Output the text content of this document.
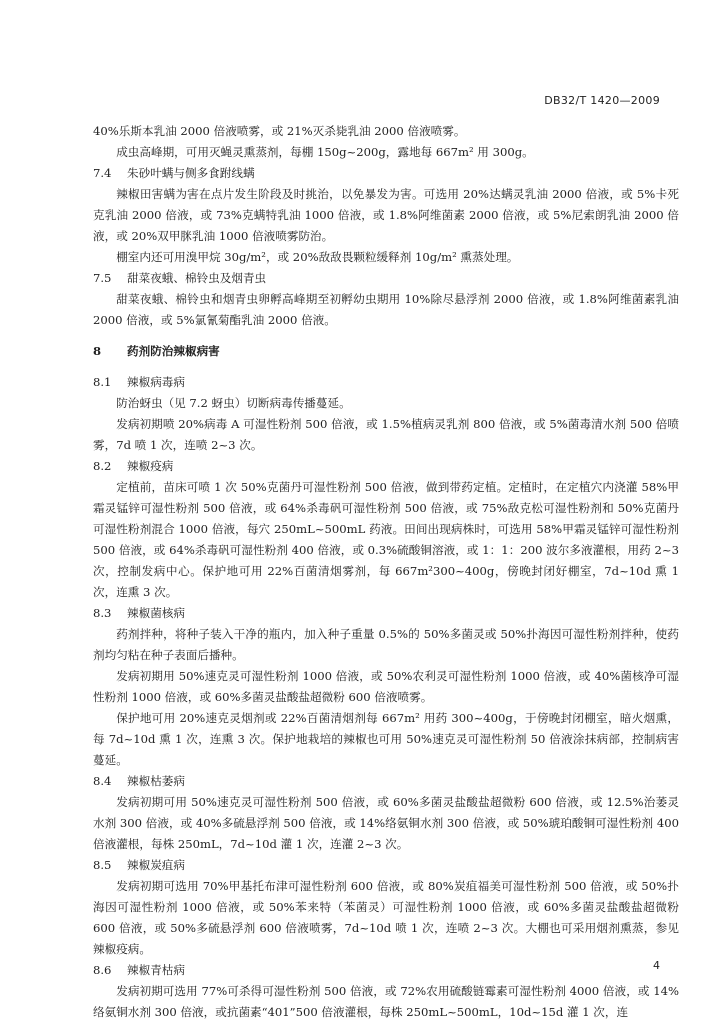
DB32/T 1420—2009

40%乐斯本乳油 2000 倍液喷雾，或 21%灭杀毙乳油 2000 倍液喷雾。

成虫高峰期，可用灭蝇灵熏蒸剂，每棚 150g~200g，露地每 667m² 用 300g。

7.4 朱砂叶螨与侧多食跗线螨

辣椒田害螨为害在点片发生阶段及时挑治，以免暴发为害。可选用 20%达螨灵乳油 2000 倍液，或 5%卡死克乳油 2000 倍液，或 73%克螨特乳油 1000 倍液，或 1.8%阿维菌素 2000 倍液，或 5%尼索朗乳油 2000 倍液，或 20%双甲脒乳油 1000 倍液喷雾防治。

棚室内还可用溴甲烷 30g/m²，或 20%敌敌畏颗粒缓释剂 10g/m² 熏蒸处理。

7.5 甜菜夜蛾、棉铃虫及烟青虫

甜菜夜蛾、棉铃虫和烟青虫卵孵高峰期至初孵幼虫期用 10%除尽悬浮剂 2000 倍液，或 1.8%阿维菌素乳油 2000 倍液，或 5%氯氰菊酯乳油 2000 倍液。

8 药剂防治辣椒病害
8.1 辣椒病毒病

防治蚜虫（见 7.2 蚜虫）切断病毒传播蔓延。

发病初期喷 20%病毒 A 可湿性粉剂 500 倍液，或 1.5%植病灵乳剂 800 倍液，或 5%菌毒清水剂 500 倍喷雾，7d 喷 1 次，连喷 2~3 次。

8.2 辣椒疫病

定植前，苗床可喷 1 次 50%克菌丹可湿性粉剂 500 倍液，做到带药定植。定植时，在定植穴内浇灌 58%甲霜灵锰锌可湿性粉剂 500 倍液，或 64%杀毒矾可湿性粉剂 500 倍液，或 75%敌克松可湿性粉剂和 50%克菌丹可湿性粉剂混合 1000 倍液，每穴 250mL~500mL 药液。田间出现病株时，可选用 58%甲霜灵锰锌可湿性粉剂 500 倍液，或 64%杀毒矾可湿性粉剂 400 倍液，或 0.3%硫酸铜溶液，或 1：1：200 波尔多液灌根，用药 2~3 次，控制发病中心。保护地可用 22%百菌清烟雾剂，每 667m²300~400g，傍晚封闭好棚室，7d~10d 熏 1 次，连熏 3 次。

8.3 辣椒菌核病

药剂拌种，将种子装入干净的瓶内，加入种子重量 0.5%的 50%多菌灵或 50%扑海因可湿性粉剂拌种，使药剂均匀粘在种子表面后播种。

发病初期用 50%速克灵可湿性粉剂 1000 倍液，或 50%农利灵可湿性粉剂 1000 倍液，或 40%菌核净可湿性粉剂 1000 倍液，或 60%多菌灵盐酸盐超微粉 600 倍液喷雾。

保护地可用 20%速克灵烟剂或 22%百菌清烟剂每 667m² 用药 300~400g，于傍晚封闭棚室，暗火烟熏，每 7d~10d 熏 1 次，连熏 3 次。保护地栽培的辣椒也可用 50%速克灵可湿性粉剂 50 倍液涂抹病部，控制病害蔓延。

8.4 辣椒枯萎病

发病初期可用 50%速克灵可湿性粉剂 500 倍液，或 60%多菌灵盐酸盐超微粉 600 倍液，或 12.5%治萎灵水剂 300 倍液，或 40%多硫悬浮剂 500 倍液，或 14%络氨铜水剂 300 倍液，或 50%琥珀酸铜可湿性粉剂 400 倍液灌根，每株 250mL，7d~10d 灌 1 次，连灌 2~3 次。

8.5 辣椒炭疽病

发病初期可选用 70%甲基托布津可湿性粉剂 600 倍液，或 80%炭疽福美可湿性粉剂 500 倍液，或 50%扑海因可湿性粉剂 1000 倍液，或 50%苯来特（苯菌灵）可湿性粉剂 1000 倍液，或 60%多菌灵盐酸盐超微粉 600 倍液，或 50%多硫悬浮剂 600 倍液喷雾，7d~10d 喷 1 次，连喷 2~3 次。大棚也可采用烟剂熏蒸，参见辣椒疫病。

8.6 辣椒青枯病

发病初期可选用 77%可杀得可湿性粉剂 500 倍液，或 72%农用硫酸链霉素可湿性粉剂 4000 倍液，或 14%络氨铜水剂 300 倍液，或抗菌素“401”500 倍液灌根，每株 250mL~500mL，10d~15d 灌 1 次，连

4
